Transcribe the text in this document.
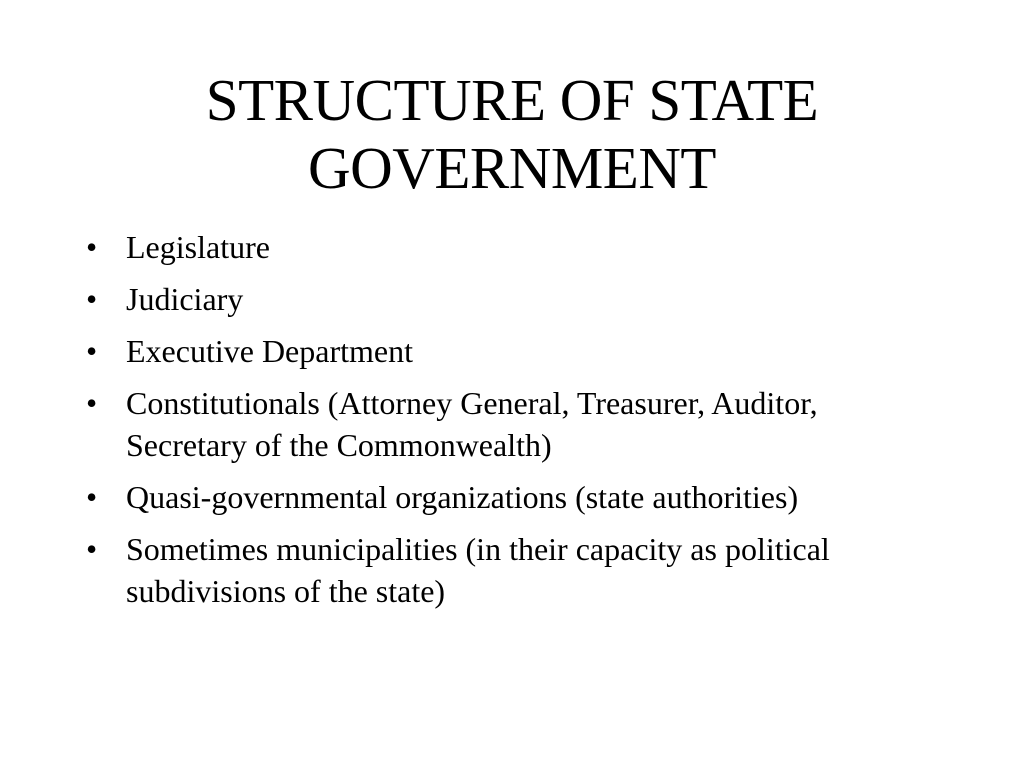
STRUCTURE OF STATE
GOVERNMENT
• Legislature
• Judiciary
• Executive Department
• Constitutionals (Attorney General, Treasurer, Auditor, Secretary of the Commonwealth)
• Quasi-governmental organizations (state authorities)
• Sometimes municipalities (in their capacity as political subdivisions of the state)
